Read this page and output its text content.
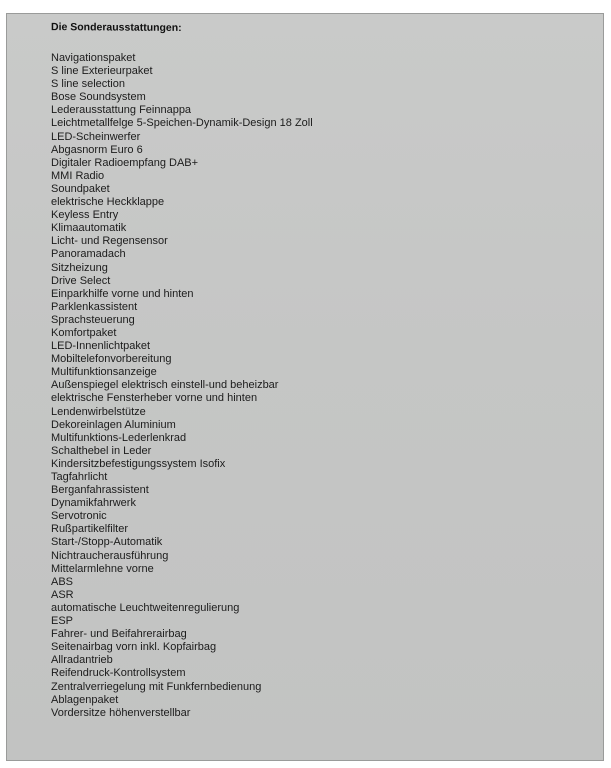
Die Sonderausstattungen:
Navigationspaket
S line Exterieurpaket
S line selection
Bose Soundsystem
Lederausstattung Feinnappa
Leichtmetallfelge 5-Speichen-Dynamik-Design 18 Zoll
LED-Scheinwerfer
Abgasnorm Euro 6
Digitaler Radioempfang DAB+
MMI Radio
Soundpaket
elektrische Heckklappe
Keyless Entry
Klimaautomatik
Licht- und Regensensor
Panoramadach
Sitzheizung
Drive Select
Einparkhilfe vorne und hinten
Parklenkassistent
Sprachsteuerung
Komfortpaket
LED-Innenlichtpaket
Mobiltelefonvorbereitung
Multifunktionsanzeige
Außenspiegel elektrisch einstell-und beheizbar
elektrische Fensterheber vorne und hinten
Lendenwirbelstütze
Dekoreinlagen Aluminium
Multifunktions-Lederlenkrad
Schalthebel in Leder
Kindersitzbefestigungssystem Isofix
Tagfahrlicht
Berganfahrassistent
Dynamikfahrwerk
Servotronic
Rußpartikelfilter
Start-/Stopp-Automatik
Nichtraucherausführung
Mittelarmlehne vorne
ABS
ASR
automatische Leuchtweitenregulierung
ESP
Fahrer- und Beifahrerairbag
Seitenairbag vorn inkl. Kopfairbag
Allradantrieb
Reifendruck-Kontrollsystem
Zentralverriegelung mit Funkfernbedienung
Ablagenpaket
Vordersitze höhenverstellbar
